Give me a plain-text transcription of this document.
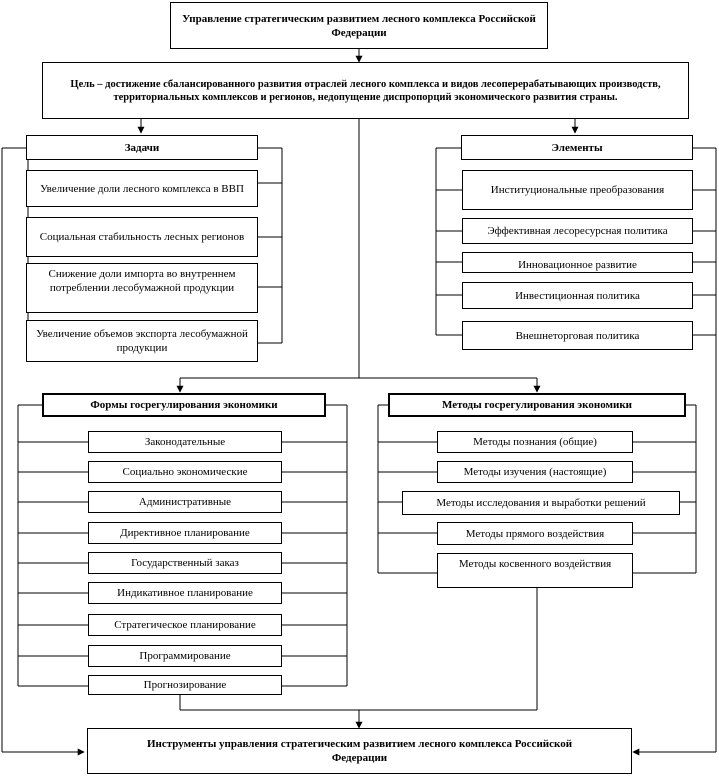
Управление стратегическим развитием лесного комплекса Российской Федерации
Цель – достижение сбалансированного развития отраслей лесного комплекса и видов лесоперерабатывающих производств, территориальных комплексов и регионов, недопущение диспропорций экономического развития страны.
Задачи
Увеличение доли лесного комплекса в ВВП
Социальная стабильность лесных регионов
Снижение доли импорта во внутреннем потреблении лесобумажной продукции
Увеличение объемов экспорта лесобумажной продукции
Элементы
Институциональные преобразования
Эффективная лесоресурсная политика
Инновационное развитие
Инвестиционная политика
Внешнеторговая политика
Формы госрегулирования экономики
Законодательные
Социально экономические
Административные
Директивное планирование
Государственный заказ
Индикативное планирование
Стратегическое планирование
Программирование
Прогнозирование
Методы госрегулирования экономики
Методы познания (общие)
Методы изучения (настоящие)
Методы исследования и выработки решений
Методы прямого воздействия
Методы косвенного воздействия
Инструменты управления стратегическим развитием леcного комплекса Российской Федерации
